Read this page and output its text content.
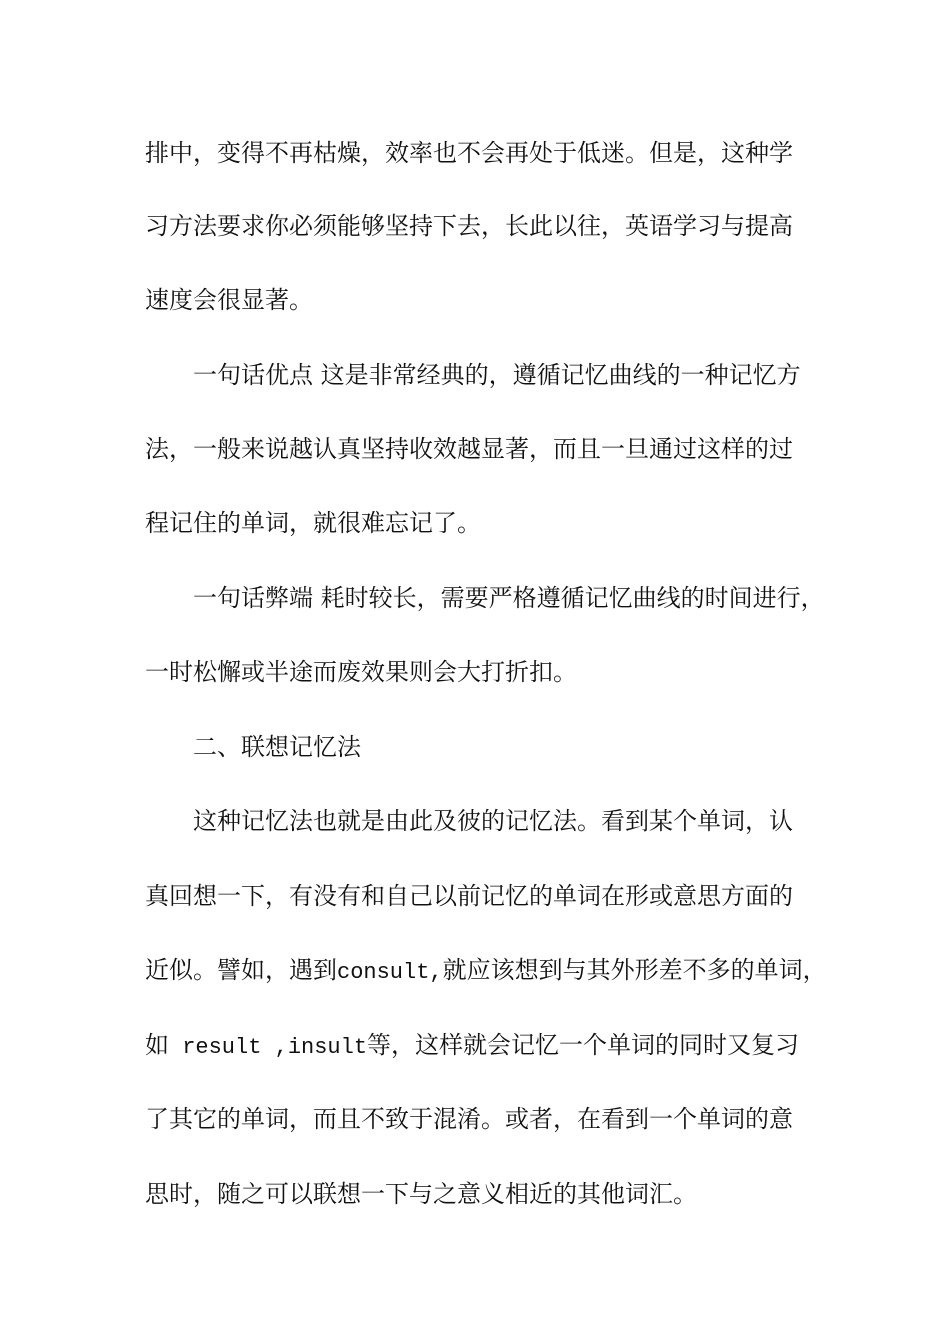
排中，变得不再枯燥，效率也不会再处于低迷。但是，这种学

习方法要求你必须能够坚持下去，长此以往，英语学习与提高

速度会很显著。

一句话优点 这是非常经典的，遵循记忆曲线的一种记忆方

法，一般来说越认真坚持收效越显著，而且一旦通过这样的过

程记住的单词，就很难忘记了。

一句话弊端 耗时较长，需要严格遵循记忆曲线的时间进行，

一时松懈或半途而废效果则会大打折扣。

二、联想记忆法

这种记忆法也就是由此及彼的记忆法。看到某个单词，认

真回想一下，有没有和自己以前记忆的单词在形或意思方面的

近似。譬如，遇到consult,就应该想到与其外形差不多的单词，

如 result ,insult等，这样就会记忆一个单词的同时又复习

了其它的单词，而且不致于混淆。或者，在看到一个单词的意

思时，随之可以联想一下与之意义相近的其他词汇。
